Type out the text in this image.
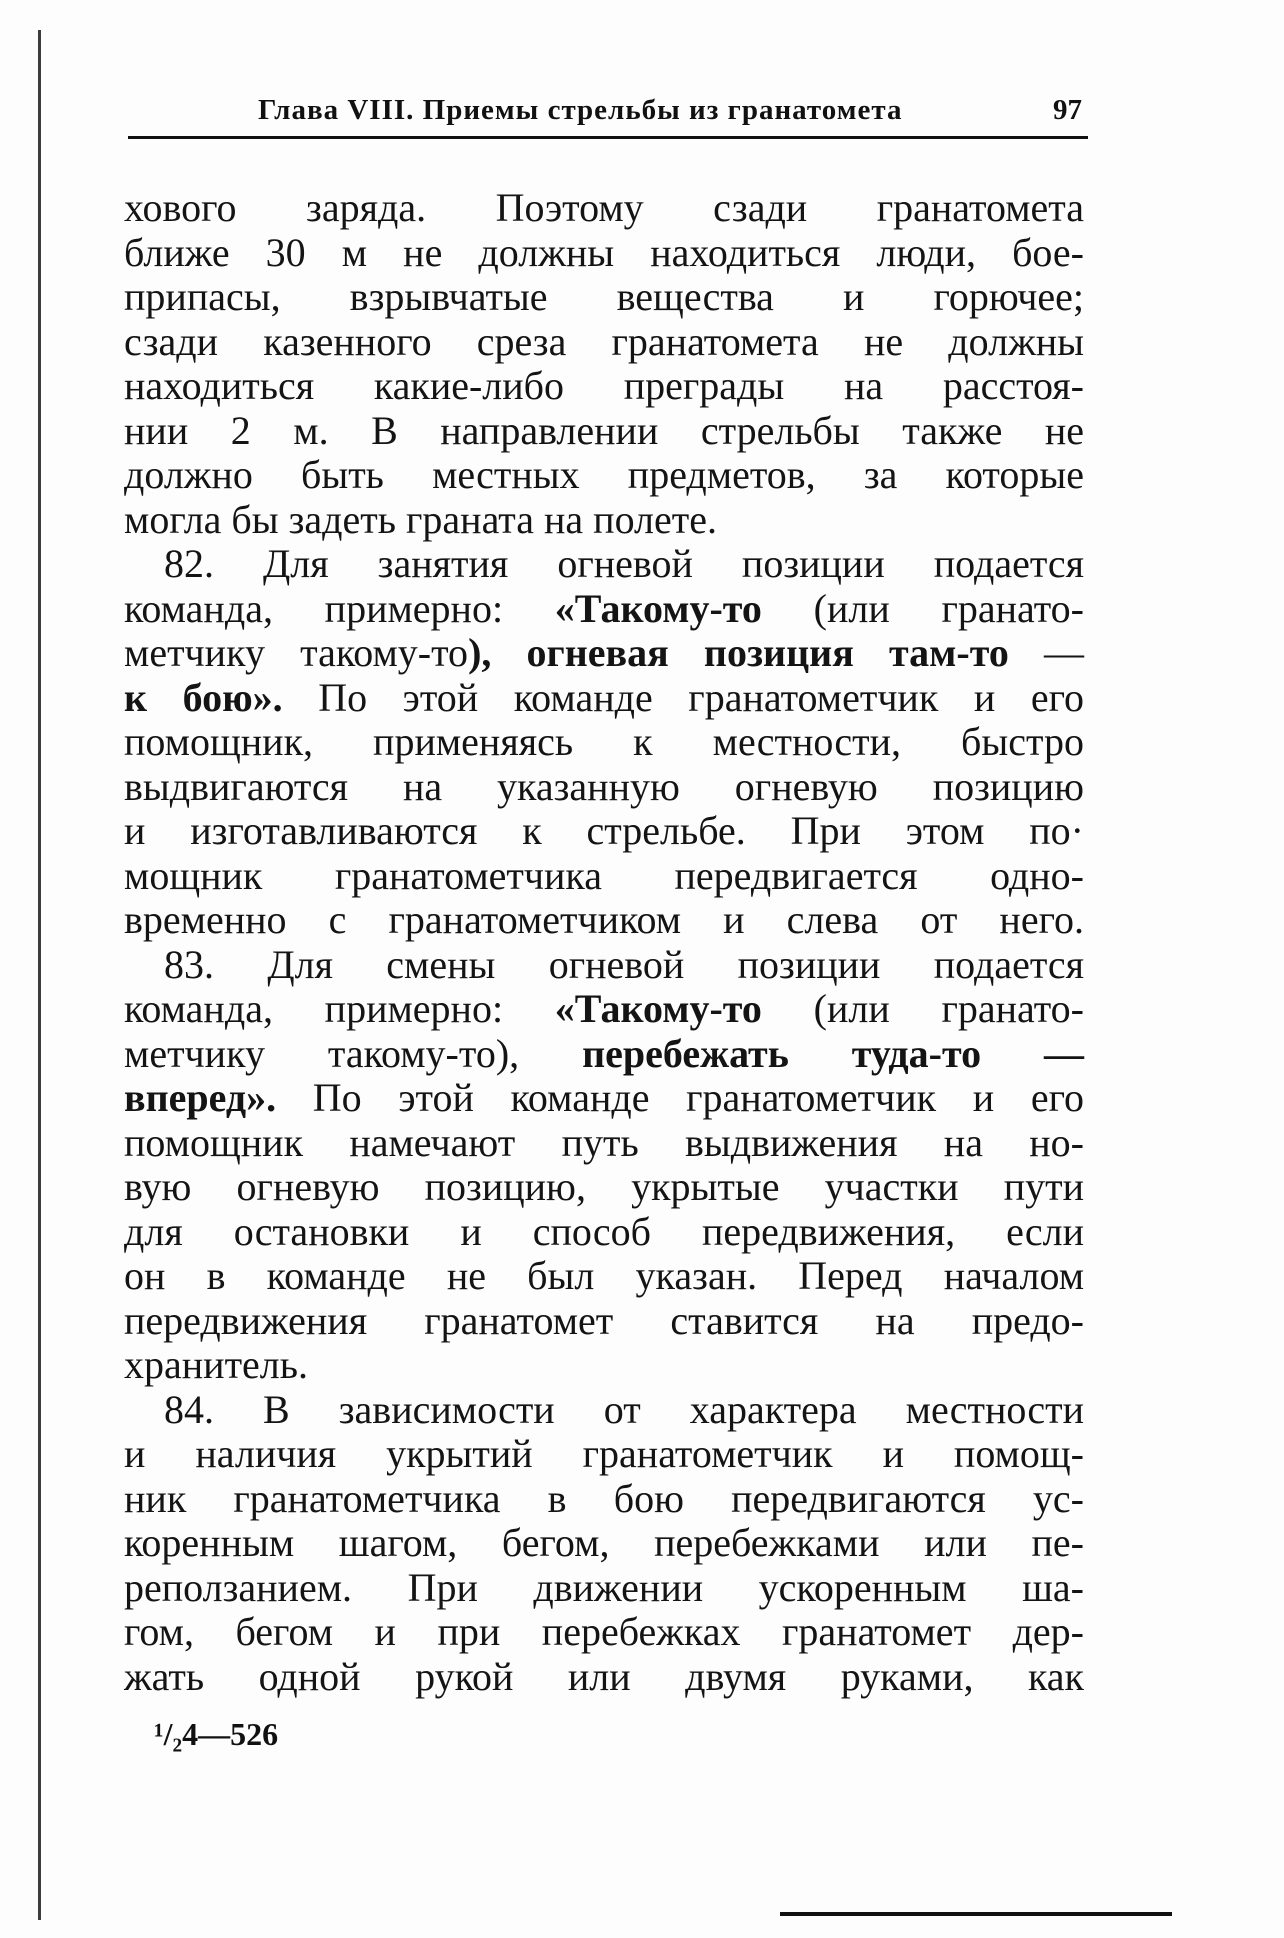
Глава VIII. Приемы стрельбы из гранатомета	97
хового заряда. Поэтому сзади гранатомета
ближе 30 м не должны находиться люди, бое-
припасы, взрывчатые вещества и горючее;
сзади казенного среза гранатомета не должны
находиться какие-либо преграды на расстоя-
нии 2 м. В направлении стрельбы также не
должно быть местных предметов, за которые
могла бы задеть граната на полете.
82. Для занятия огневой позиции подается
команда, примерно: «Такому-то (или гранато-
метчику такому-то), огневая позиция там-то —
к бою». По этой команде гранатометчик и его
помощник, применяясь к местности, быстро
выдвигаются на указанную огневую позицию
и изготавливаются к стрельбе. При этом по·
мощник гранатометчика передвигается одно-
временно с гранатометчиком и слева от него.
83. Для смены огневой позиции подается
команда, примерно: «Такому-то (или гранато-
метчику такому-то), перебежать туда-то —
вперед». По этой команде гранатометчик и его
помощник намечают путь выдвижения на но-
вую огневую позицию, укрытые участки пути
для остановки и способ передвижения, если
он в команде не был указан. Перед началом
передвижения гранатомет ставится на предо-
хранитель.
84. В зависимости от характера местности
и наличия укрытий гранатометчик и помощ-
ник гранатометчика в бою передвигаются ус-
коренным шагом, бегом, перебежками или пе-
реползанием. При движении ускоренным ша-
гом, бегом и при перебежках гранатомет дер-
жать одной рукой или двумя руками, как
¹/₂4—526
